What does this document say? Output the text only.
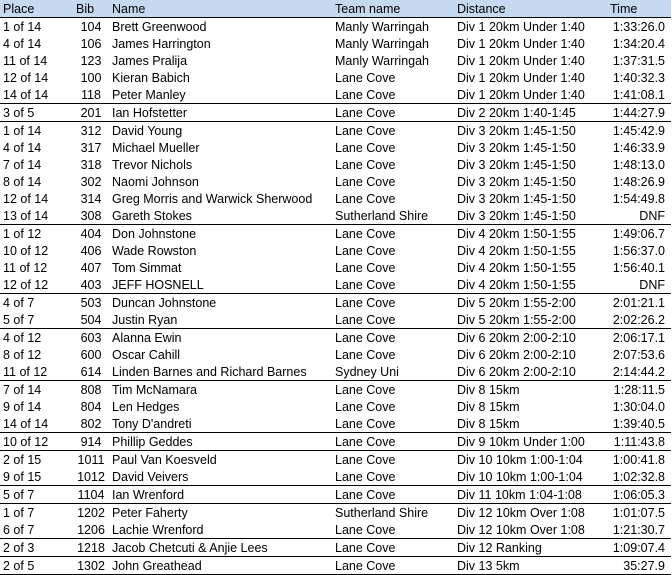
Place	Bib	Name	Team name	Distance	Time
1 of 14	104	Brett Greenwood	Manly Warringah	Div 1 20km Under 1:40	1:33:26.0
4 of 14	106	James Harrington	Manly Warringah	Div 1 20km Under 1:40	1:34:20.4
11 of 14	123	James Pralija	Manly Warringah	Div 1 20km Under 1:40	1:37:31.5
12 of 14	100	Kieran Babich	Lane Cove	Div 1 20km Under 1:40	1:40:32.3
14 of 14	118	Peter Manley	Lane Cove	Div 1 20km Under 1:40	1:41:08.1
3 of 5	201	Ian Hofstetter	Lane Cove	Div 2 20km 1:40-1:45	1:44:27.9
1 of 14	312	David Young	Lane Cove	Div 3 20km 1:45-1:50	1:45:42.9
4 of 14	317	Michael Mueller	Lane Cove	Div 3 20km 1:45-1:50	1:46:33.9
7 of 14	318	Trevor Nichols	Lane Cove	Div 3 20km 1:45-1:50	1:48:13.0
8 of 14	302	Naomi Johnson	Lane Cove	Div 3 20km 1:45-1:50	1:48:26.9
12 of 14	314	Greg Morris and Warwick Sherwood	Lane Cove	Div 3 20km 1:45-1:50	1:54:49.8
13 of 14	308	Gareth Stokes	Sutherland Shire	Div 3 20km 1:45-1:50	DNF
1 of 12	404	Don Johnstone	Lane Cove	Div 4 20km 1:50-1:55	1:49:06.7
10 of 12	406	Wade Rowston	Lane Cove	Div 4 20km 1:50-1:55	1:56:37.0
11 of 12	407	Tom Simmat	Lane Cove	Div 4 20km 1:50-1:55	1:56:40.1
12 of 12	403	JEFF HOSNELL	Lane Cove	Div 4 20km 1:50-1:55	DNF
4 of 7	503	Duncan Johnstone	Lane Cove	Div 5 20km 1:55-2:00	2:01:21.1
5 of 7	504	Justin Ryan	Lane Cove	Div 5 20km 1:55-2:00	2:02:26.2
4 of 12	603	Alanna Ewin	Lane Cove	Div 6 20km 2:00-2:10	2:06:17.1
8 of 12	600	Oscar Cahill	Lane Cove	Div 6 20km 2:00-2:10	2:07:53.6
11 of 12	614	Linden Barnes and Richard Barnes	Sydney Uni	Div 6 20km 2:00-2:10	2:14:44.2
7 of 14	808	Tim McNamara	Lane Cove	Div 8 15km	1:28:11.5
9 of 14	804	Len Hedges	Lane Cove	Div 8 15km	1:30:04.0
14 of 14	802	Tony D'andreti	Lane Cove	Div 8 15km	1:39:40.5
10 of 12	914	Phillip Geddes	Lane Cove	Div 9 10km Under 1:00	1:11:43.8
2 of 15	1011	Paul Van Koesveld	Lane Cove	Div 10 10km 1:00-1:04	1:00:41.8
9 of 15	1012	David Veivers	Lane Cove	Div 10 10km 1:00-1:04	1:02:32.8
5 of 7	1104	Ian Wrenford	Lane Cove	Div 11 10km 1:04-1:08	1:06:05.3
1 of 7	1202	Peter Faherty	Sutherland Shire	Div 12 10km Over 1:08	1:01:07.5
6 of 7	1206	Lachie Wrenford	Lane Cove	Div 12 10km Over 1:08	1:21:30.7
2 of 3	1218	Jacob Chetcuti & Anjie Lees	Lane Cove	Div 12 Ranking	1:09:07.4
2 of 5	1302	John Greathead	Lane Cove	Div 13 5km	35:27.9
